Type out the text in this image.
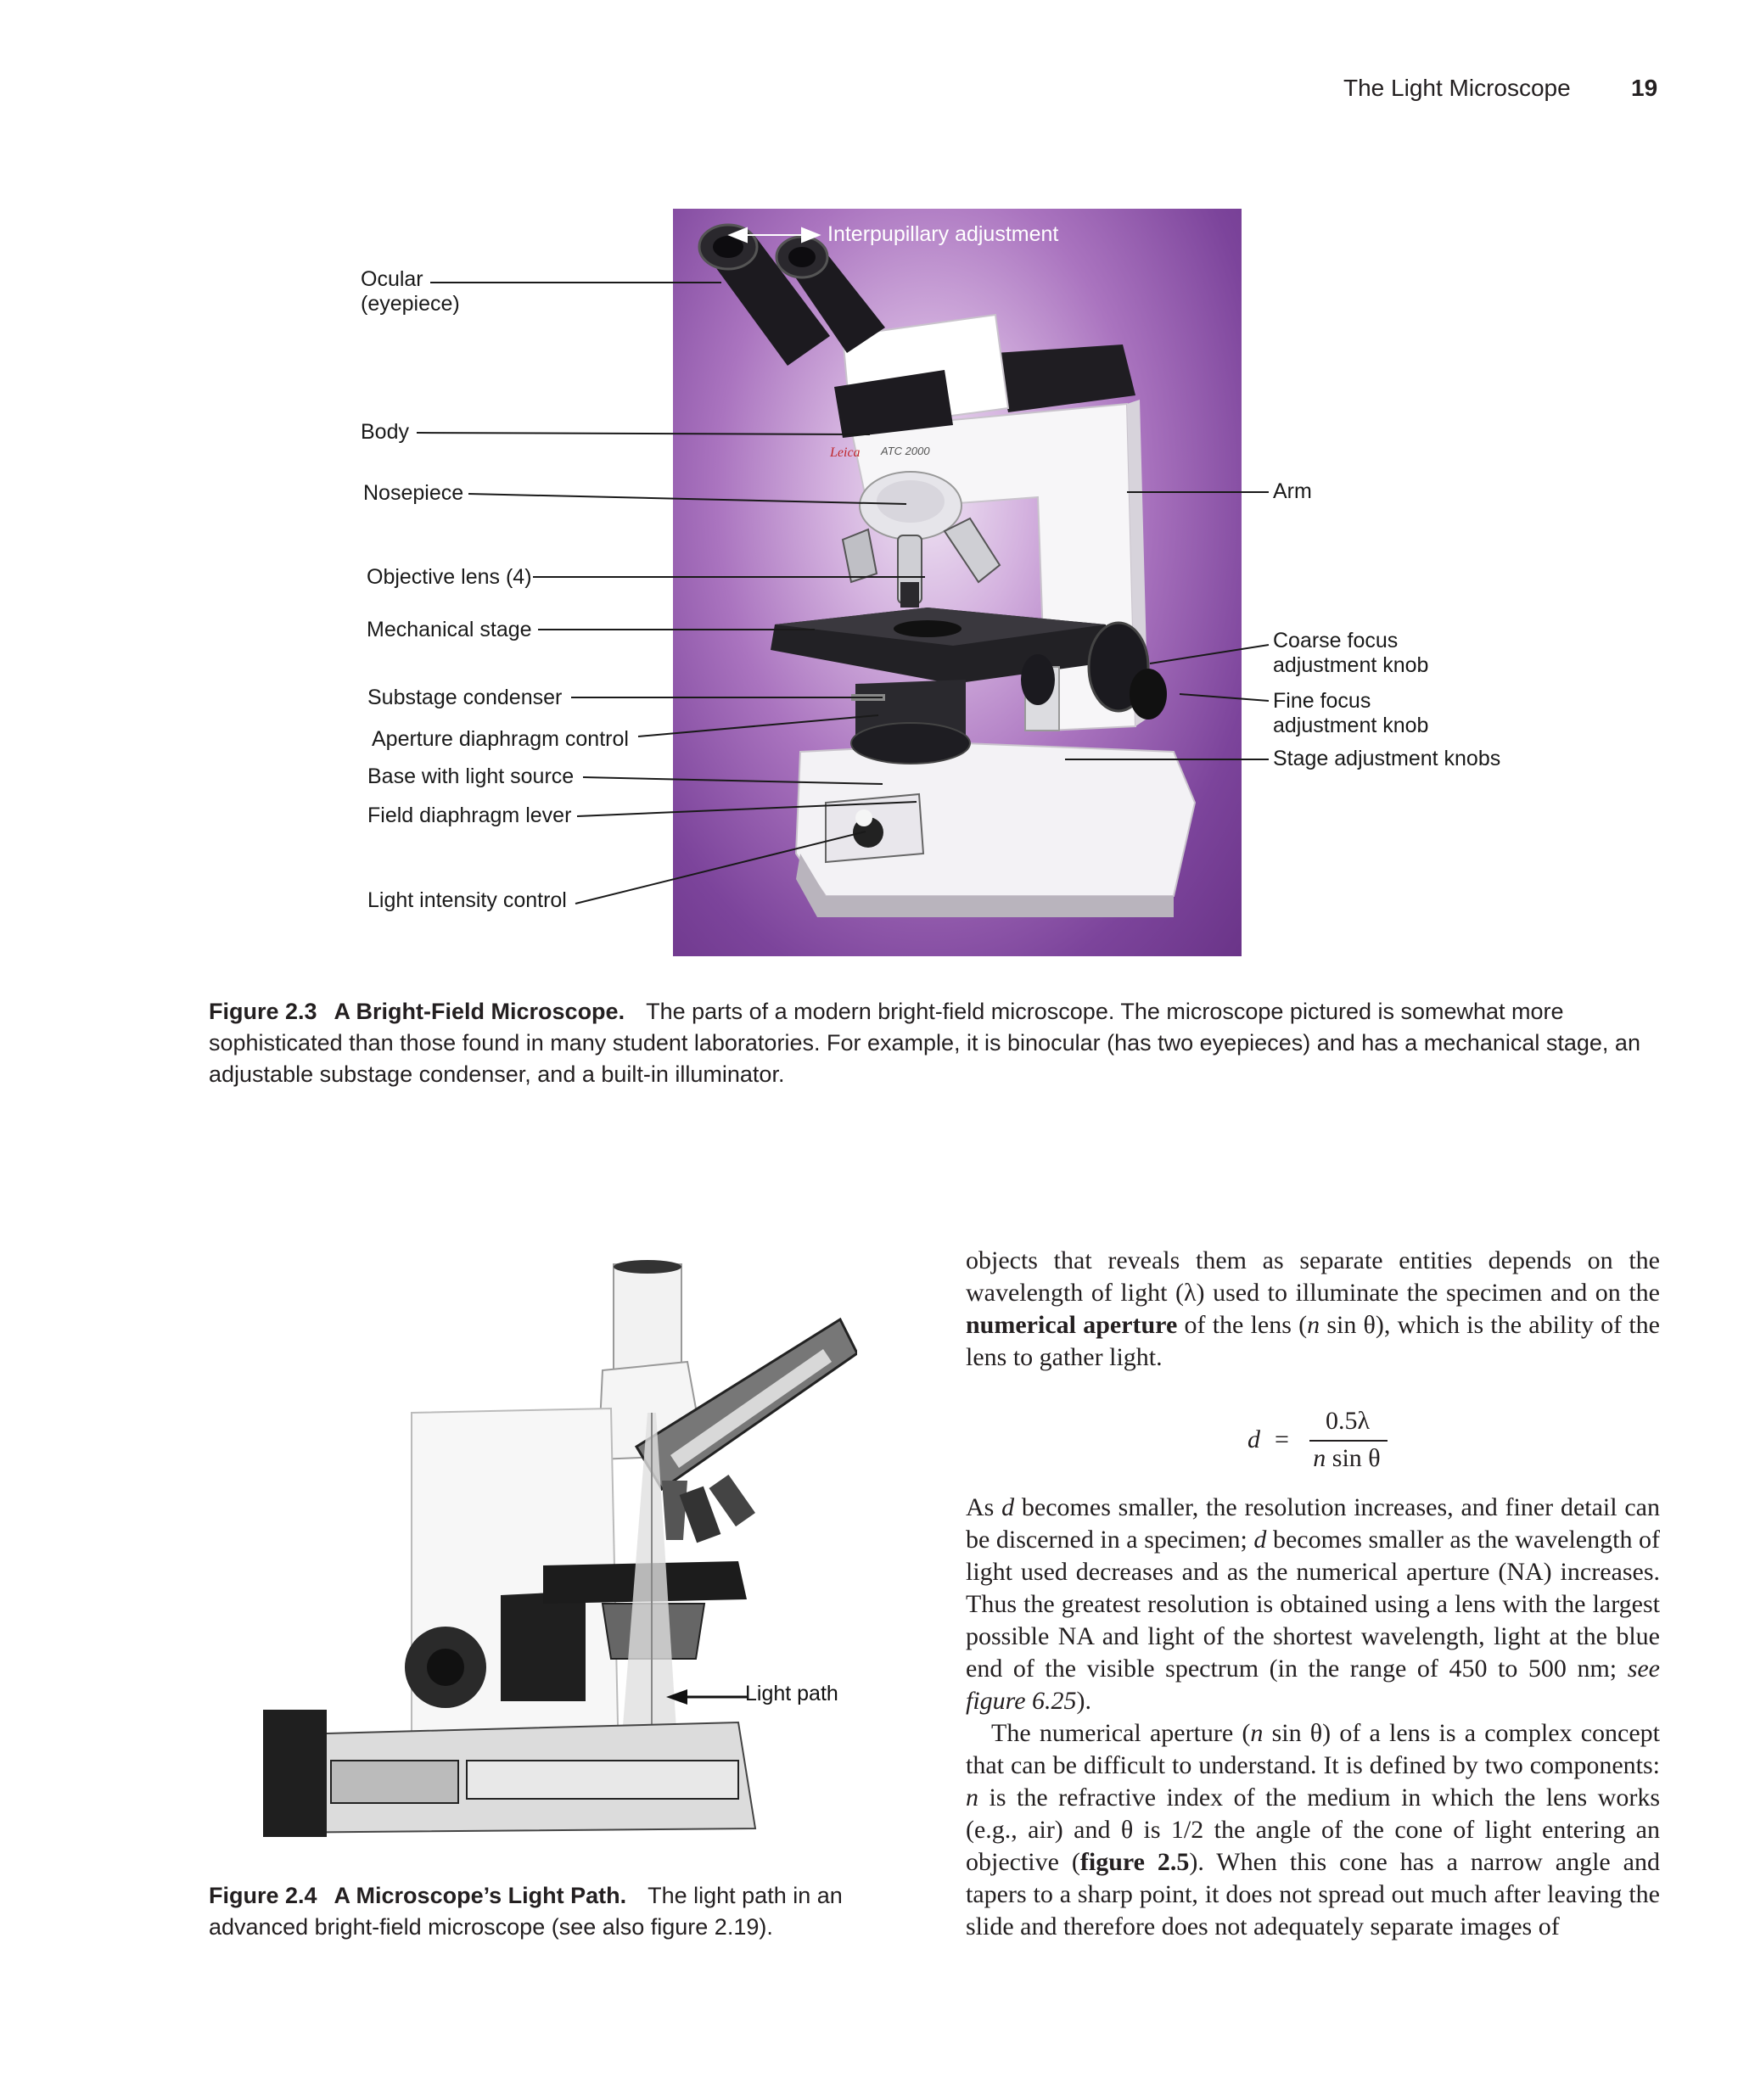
The Light Microscope	19
Leica ATC 2000
Interpupillary adjustment
Ocular
(eyepiece)
Body
Nosepiece
Objective lens (4)
Mechanical stage
Substage condenser
Aperture diaphragm control
Base with light source
Field diaphragm lever
Light intensity control
Arm
Coarse focus
adjustment knob
Fine focus
adjustment knob
Stage adjustment knobs
Figure 2.3 A Bright-Field Microscope. The parts of a modern bright-field microscope. The microscope pictured is somewhat more sophisticated than those found in many student laboratories. For example, it is binocular (has two eyepieces) and has a mechanical stage, an adjustable substage condenser, and a built-in illuminator.
Light path
Figure 2.4 A Microscope’s Light Path. The light path in an advanced bright-field microscope (see also figure 2.19).

objects that reveals them as separate entities depends on the wavelength of light (λ) used to illuminate the specimen and on the numerical aperture of the lens (n sin θ), which is the ability of the lens to gather light.

d =
0.5λ
n sin θ

As d becomes smaller, the resolution increases, and finer detail can be discerned in a specimen; d becomes smaller as the wavelength of light used decreases and as the numerical aperture (NA) increases. Thus the greatest resolution is obtained using a lens with the largest possible NA and light of the shortest wavelength, light at the blue end of the visible spectrum (in the range of 450 to 500 nm; see figure 6.25).

The numerical aperture (n sin θ) of a lens is a complex concept that can be difficult to understand. It is defined by two components: n is the refractive index of the medium in which the lens works (e.g., air) and θ is 1/2 the angle of the cone of light entering an objective (figure 2.5). When this cone has a narrow angle and tapers to a sharp point, it does not spread out much after leaving the slide and therefore does not adequately separate images of
